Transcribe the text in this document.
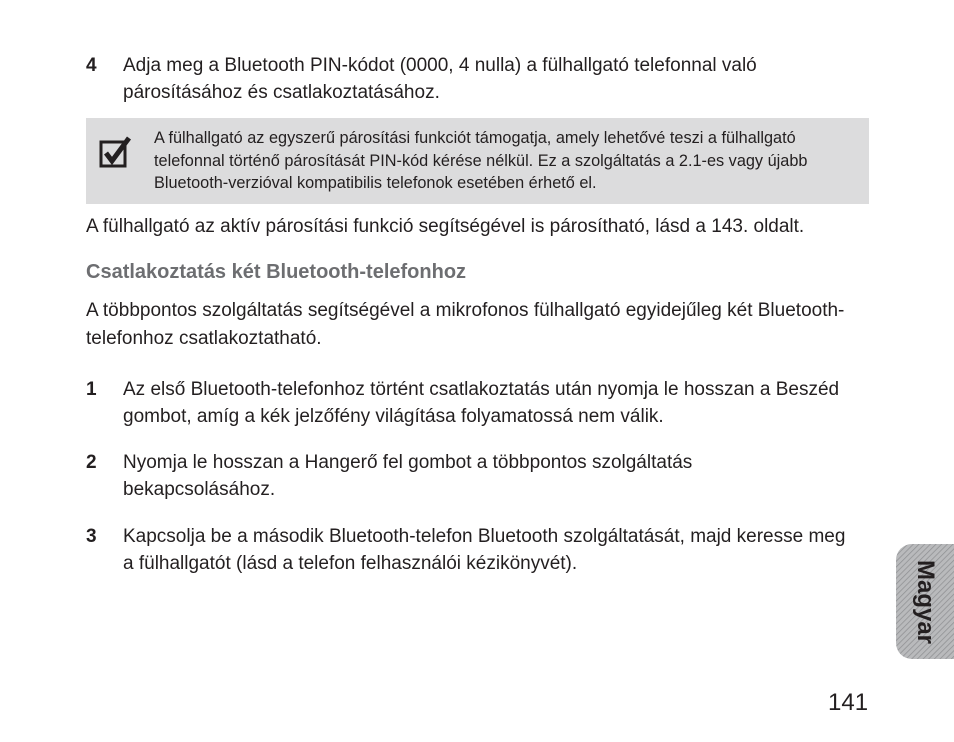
4 Adja meg a Bluetooth PIN-kódot (0000, 4 nulla) a fülhallgató telefonnal való párosításához és csatlakoztatásához.
A fülhallgató az egyszerű párosítási funkciót támogatja, amely lehetővé teszi a fülhallgató telefonnal történő párosítását PIN-kód kérése nélkül. Ez a szolgáltatás a 2.1-es vagy újabb Bluetooth-verzióval kompatibilis telefonok esetében érhető el.
A fülhallgató az aktív párosítási funkció segítségével is párosítható, lásd a 143. oldalt.
Csatlakoztatás két Bluetooth-telefonhoz
A többpontos szolgáltatás segítségével a mikrofonos fülhallgató egyidejűleg két Bluetooth-telefonhoz csatlakoztatható.
1 Az első Bluetooth-telefonhoz történt csatlakoztatás után nyomja le hosszan a Beszéd gombot, amíg a kék jelzőfény világítása folyamatossá nem válik.
2 Nyomja le hosszan a Hangerő fel gombot a többpontos szolgáltatás bekapcsolásához.
3 Kapcsolja be a második Bluetooth-telefon Bluetooth szolgáltatását, majd keresse meg a fülhallgatót (lásd a telefon felhasználói kézikönyvét).	Magyar
141
